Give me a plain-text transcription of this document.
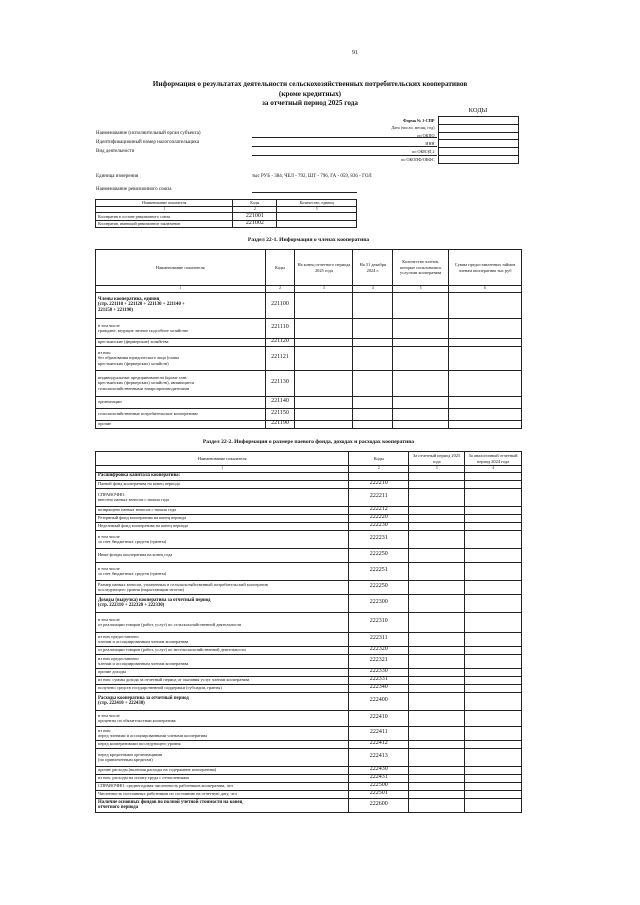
91
Информация о результатах деятельности сельскохозяйственных потребительских кооперативов
(кроме кредитных)
за отчетный период 2025 года
КОДЫ
Форма № 1-СПР	
Дата (число, месяц, год)	
по ОКПО	
ИНН	
по ОКВЭД 2	
по ОКОПФ/ОКФС	
Наименование (исполнительный орган субъекта)
Идентификационный номер налогоплательщика
Вид деятельности
Единица измерения	тыс РУБ - 384, ЧЕЛ - 792, ШТ - 796, ГА - 059, 836 - ГОЛ
Наименование ревизионного союза
Наименование показателя	Коды	Количество, единиц
1	2	3
Кооператив в составе ревизионного союза	221001	
Кооператив, имеющий ревизионное заключение	221002	
Раздел 22-1. Информация о членах кооператива
Наименование показателя	Коды	На конец отчетного периода 2025 года	На 31 декабря 2024 г.	Количество членов, которые пользовались услугами кооператива	Сумма предоставленных займов членам кооператива тыс руб
1	2	3	4	5	6
Члены кооператива, единиц
(стр. 221110 + 221120 + 221130 + 221140 +
221150 + 221190)	221100				
в том числе
граждане, ведущие личное подсобное хозяйство	221110				
крестьянские (фермерские) хозяйства	221120				
из них:
без образования юридического лица (главы
крестьянских (фермерских) хозяйств)	221121				
индивидуальные предприниматели (кроме глав
крестьянских (фермерских) хозяйств), являющиеся
сельскохозяйственными товаропроизводителями	221130				
организации	221140				
сельскохозяйственные потребительские кооперативы	221150				
прочие	221190				
Раздел 22-2. Информация о размере паевого фонда, доходах и расходах кооператива
Наименование показателя	Коды	За отчетный период 2025 года	За аналогичный отчетный период 2024 года
1	2	3	4
Расшифровка капитала кооператива:			
Паевой фонд кооператива на конец периода	222210		
СПРАВОЧНО:
внесено паевых взносов с начала года	222211		
возвращено паевых взносов с начала года	222212		
Резервный фонд кооператива на конец периода	222220		
Неделимый фонд кооператива на конец периода	222230		
в том числе
за счет бюджетных средств (гранты)	222231		
Иные фонды кооператива на конец года	222250		
в том числе
за счет бюджетных средств (гранты)	222251		
Размер паевых взносов, уплаченных в сельскохозяйственный потребительский кооператив
последующего уровня (нарастающим итогом)	222250		
Доходы (выручка) кооператива за отчетный период
(стр. 222310 + 222320 + 222330)	222300		
в том числе
от реализации товаров (работ, услуг) по сельскохозяйственной деятельности	222310		
из них предоставлено
членам и ассоциированным членам кооператива	222311		
от реализации товаров (работ, услуг) по несельскохозяйственной деятельности	222320		
из них предоставлено
членам и ассоциированным членам кооператива	222321		
прочие доходы	222330		
из них: суммы дохода за отчетный период от оказания услуг членам кооператива	222331		
получено средств государственной поддержки (субсидии, гранты)	222340		
Расходы кооператива за отчетный период
(стр. 222410 + 222430)	222400		
в том числе
проценты по обязательствам кооператива	222410		
из них:
перед членами и ассоциированными членами кооператива	222411		
перед кооперативами последующего уровня	222412		
перед кредитными организациями
(по привлеченным кредитам)	222413		
прочие расходы (включая расходы на содержание кооператива)	222430		
из них: расходы на оплату труда с отчислениями	222431		
СПРАВОЧНО: среднегодовая численность работников кооператива, чел	222500		
Численность постоянных работников по состоянию на отчетную дату, чел	222501		
Наличие основных фондов по полной учетной стоимости на конец
отчетного периода	222600		
